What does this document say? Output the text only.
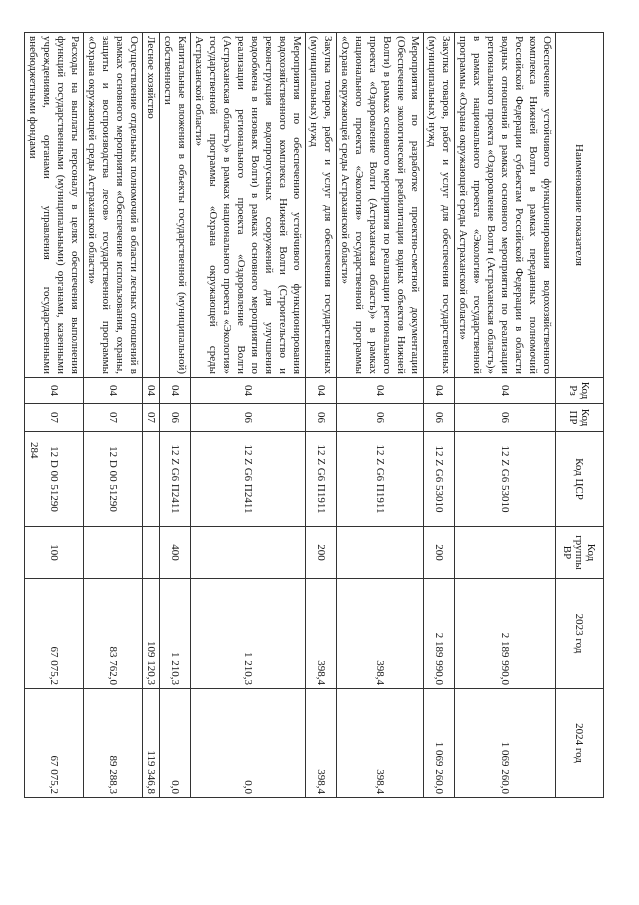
284
Наименование показателя	Код Рз	Код ПР	Код ЦСР	Код группы ВР	2023 год	2024 год
Обеспечение устойчивого функционирования водохозяйственного комплекса Нижней Волги в рамках переданных полномочий Российской Федерации субъектам Российской Федерации в области водных отношений в рамках основного мероприятия по реализации регионального проекта «Оздоровление Волги (Астраханская область)» в рамках национального проекта «Экология» государственной программы «Охрана окружающей среды Астраханской области»	04	06	12 Z G6 53010		2 189 990,0	1 069 260,0
Закупка товаров, работ и услуг для обеспечения государственных (муниципальных) нужд	04	06	12 Z G6 53010	200	2 189 990,0	1 069 260,0
Мероприятия по разработке проектно-сметной документации (Обеспечение экологической реабилитации водных объектов Нижней Волги) в рамках основного мероприятия по реализации регионального проекта «Оздоровление Волги (Астраханская область)» в рамках национального проекта «Экология» государственной программы «Охрана окружающей среды Астраханской области»	04	06	12 Z G6 П1911		398,4	398,4
Закупка товаров, работ и услуг для обеспечения государственных (муниципальных) нужд	04	06	12 Z G6 П1911	200	398,4	398,4
Мероприятия по обеспечению устойчивого функционирования водохозяйственного комплекса Нижней Волги (Строительство и реконструкция водопропускных сооружений для улучшения водообмена в низовьях Волги) в рамках основного мероприятия по реализации регионального проекта «Оздоровление Волги (Астраханская область)» в рамках национального проекта «Экология» государственной программы «Охрана окружающей среды Астраханской области»	04	06	12 Z G6 П2411		1 210,3	0,0
Капитальные вложения в объекты государственной (муниципальной) собственности	04	06	12 Z G6 П2411	400	1 210,3	0,0
Лесное хозяйство	04	07			109 120,3	119 346,8
Осуществление отдельных полномочий в области лесных отношений в рамках основного мероприятия «Обеспечение использования, охраны, защиты и воспроизводства лесов» государственной программы «Охрана окружающей среды Астраханской области»	04	07	12 D 00 51290		83 762,0	89 288,3
Расходы на выплаты персоналу в целях обеспечения выполнения функций государственными (муниципальными) органами, казенными учреждениями, органами управления государственными внебюджетными фондами	04	07	12 D 00 51290	100	67 075,2	67 075,2
